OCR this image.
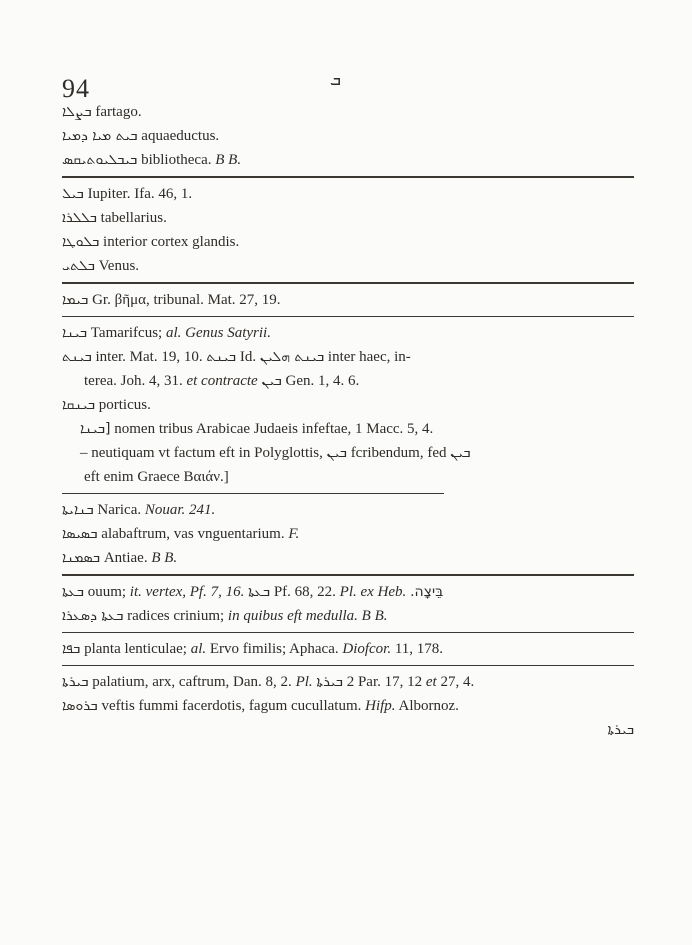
94	ܒ
ܒܨܠܐ fartago.
ܒܝܬ ܡܝܐ ܕܡܝܐ aquaeductus.
ܒܝܒܠܝܘܬܝܩܣ bibliotheca. B B.
ܒܝܠ Iupiter. Ifa. 46, 1.
ܒܠܠܪܐ tabellarius.
ܒܠܘܛܐ interior cortex glandis.
ܒܠܬܝ Venus.
ܒܝܡܐ Gr. βῆμα, tribunal. Mat. 27, 19.
ܒܝܢܐ Tamarifcus; al. Genus Satyrii.
ܒܝܢܬ inter. Mat. 19, 10. ܒܝܢܬ Id. ܒܝܢܬ ܗܠܝܢ inter haec, in-
terea. Joh. 4, 31. et contracte ܒܝܢ Gen. 1, 4. 6.
ܒܝܢܩܐ porticus.
[ܒܝܢܐ nomen tribus Arabicae Judaeis infeftae, 1 Macc. 5, 4.
– neutiquam vt factum eft in Polyglottis, ܒܝܢ fcribendum, fed ܒܝܢ
eft enim Graece Βαιάν.]
ܒܢܐܝܬܐ Narica. Nouar. 241.
ܒܣܝܣܐ alabaftrum, vas vnguentarium. F.
ܒܣܡܢܐ Antiae. B B.
ܒܥܬܐ ouum; it. vertex, Pf. 7, 16. ܒܥܬܐ Pf. 68, 22. Pl. ex Heb. בֵּיצָה.
ܒܥܬܐ ܕܣܥܪܐ radices crinium; in quibus eft medulla. B B.
ܒܦܐ planta lenticulae; al. Ervo fimilis; Aphaca. Diofcor. 11, 178.
ܒܝܪܬܐ palatium, arx, caftrum, Dan. 8, 2. Pl. ܒܝܪܬܐ 2 Par. 17, 12 et 27, 4.
ܒܪܘܣܐ veftis fummi facerdotis, fagum cucullatum. Hifp. Albornoz.
ܒܝܪܬܐ
